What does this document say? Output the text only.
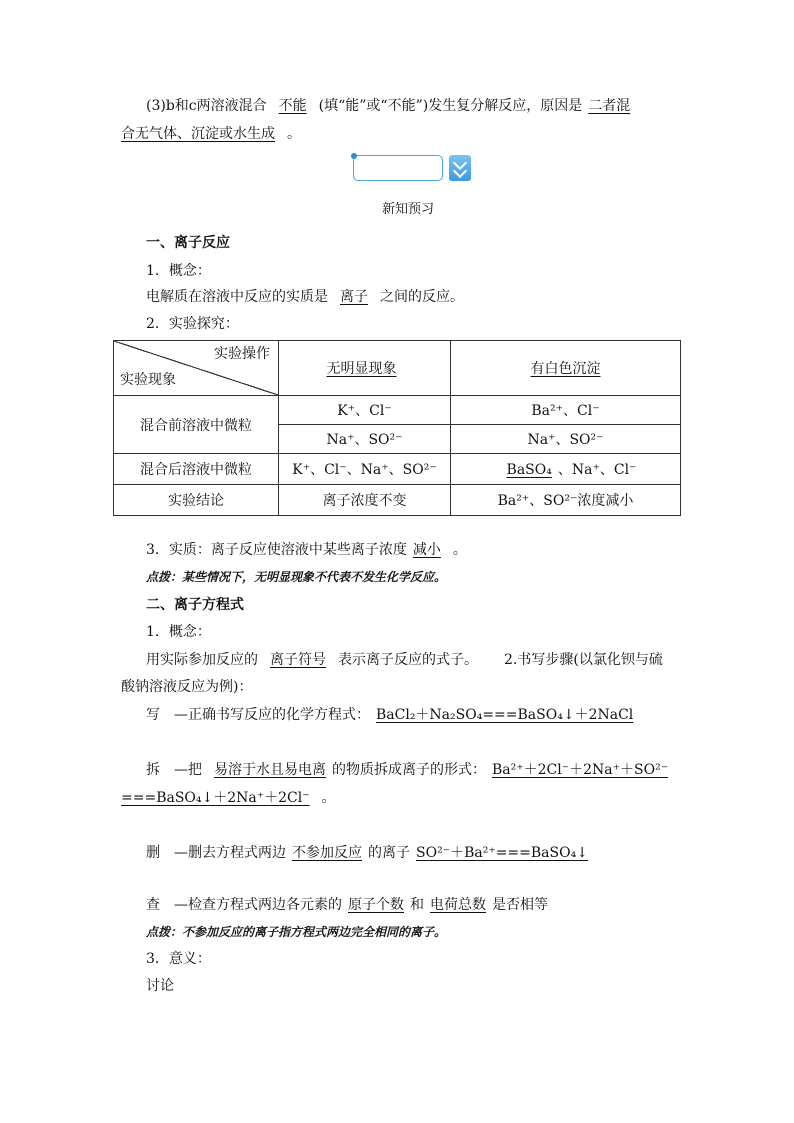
(3)b和c两溶液混合 不能 (填“能”或“不能”)发生复分解反应，原因是 二者混
合无气体、沉淀或水生成 。
新知预习
一、离子反应
1．概念：
电解质在溶液中反应的实质是 离子 之间的反应。
2．实验探究：
实验操作
实验现象	无明显现象	有白色沉淀
混合前溶液中微粒	K⁺、Cl⁻	Ba²⁺、Cl⁻
	Na⁺、SO²⁻	Na⁺、SO²⁻
混合后溶液中微粒	K⁺、Cl⁻、Na⁺、SO²⁻	BaSO₄ 、Na⁺、Cl⁻
实验结论	离子浓度不变	Ba²⁺、SO²⁻浓度减小
3．实质：离子反应使溶液中某些离子浓度 减小 。
点拨：某些情况下，无明显现象不代表不发生化学反应。
二、离子方程式
1．概念：
用实际参加反应的 离子符号 表示离子反应的式子。 2.书写步骤(以氯化钡与硫
酸钠溶液反应为例)：
写 —正确书写反应的化学方程式： BaCl₂＋Na₂SO₄===BaSO₄↓＋2NaCl
拆 —把 易溶于水且易电离 的物质拆成离子的形式： Ba²⁺＋2Cl⁻＋2Na⁺＋SO²⁻
===BaSO₄↓＋2Na⁺＋2Cl⁻ 。
删 —删去方程式两边 不参加反应 的离子 SO²⁻＋Ba²⁺===BaSO₄↓
查 —检查方程式两边各元素的 原子个数 和 电荷总数 是否相等
点拨：不参加反应的离子指方程式两边完全相同的离子。
3．意义：
讨论
